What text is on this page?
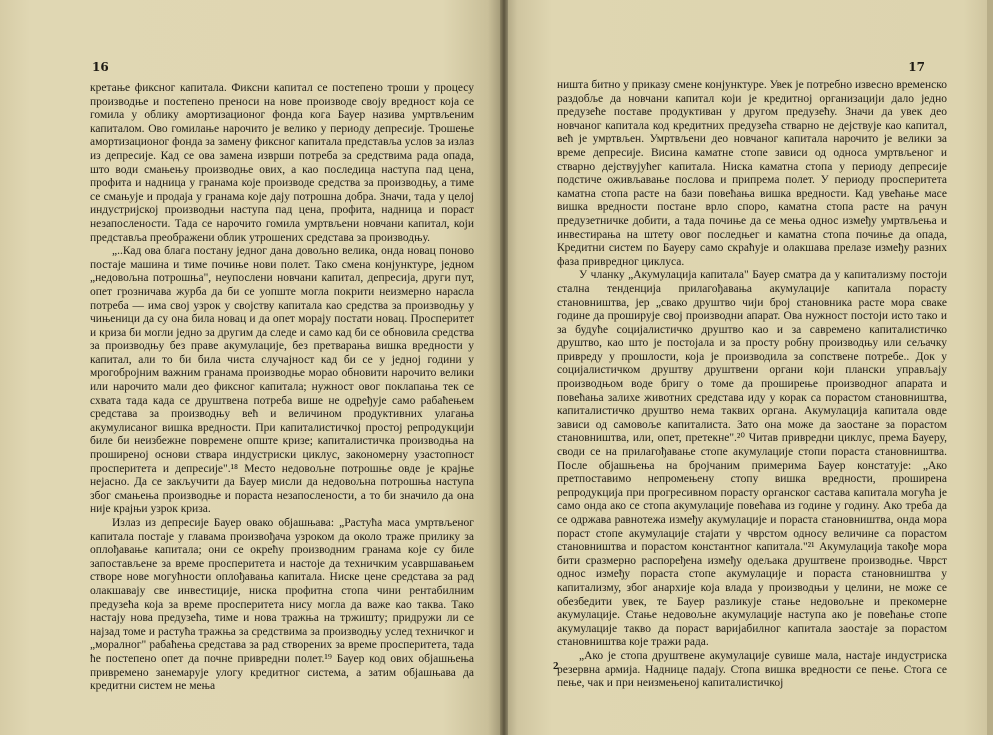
16

кретање фиксног капитала. Фиксни капитал се постепено троши у процесу производње и постепено преноси на нове производе своју вредност која се гомила у облику амортизационог фонда кога Бауер назива умртвљеним капиталом. Ово гомилање нарочито је велико у периоду депресије. Трошење амортизационог фонда за замену фиксног капитала представља услов за излаз из депресије. Кад се ова замена изврши потреба за средствима рада опада, што води смањењу производње ових, а као последица наступа пад цена, профита и надница у гранама које производе средства за производњу, а тиме се смањује и продаја у гранама које дају потрошна добра. Значи, тада у целој индустријској производњи наступа пад цена, профита, надница и пораст незапослености. Тада се нарочито гомила умртвљени новчани капитал, који представља преображени облик утрошених средстава за производњу.

„..Кад ова блага постану једног дана довољно велика, онда новац поново постаје машина и тиме почиње нови полет. Тако смена конјунктуре, једном „недовољна потрошња", неупослени новчани капитал, депресија, други пут, опет грозничава журба да би се уопште могла покрити неизмерно нарасла потреба — има свој узрок у својству капитала као средства за производњу у чињеници да су она била новац и да опет морају постати новац. Просперитет и криза би могли једно за другим да следе и само кад би се обновила средства за производњу без праве акумулације, без претварања вишка вредности у капитал, али то би била чиста случајност кад би се у једној години у мрогобројним важним гранама производње морао обновити нарочито велики или нарочито мали део фиксног капитала; нужност овог поклапања тек се схвата тада када се друштвена потреба више не одређује само рабаћењем средстава за производњу већ и величином продуктивних улагања акумулисаног вишка вредности. При капиталистичкој простој репродукцији биле би неизбежне повремене опште кризе; капиталистичка производња на проширеној основи ствара индустриски циклус, закономерну узастопност просперитета и депресије".¹⁸ Место недовољне потрошње овде је крајње нејасно. Да се закључити да Бауер мисли да недовољна потрошња наступа због смањења производње и пораста незапослености, а то би значило да она није крајњи узрок криза.

Излаз из депресије Бауер овако објашњава: „Растућа маса умртвљеног капитала постаје у главама произвођача узроком да около траже прилику за оплођавање капитала; они се окрећу производним гранама које су биле запостављене за време просперитета и настоје да техничким усавршавањем створе нове могућности оплођавања капитала. Ниске цене средстава за рад олакшавају све инвестиције, ниска профитна стопа чини рентабилним предузећа која за време просперитета нису могла да важе као таква. Тако настају нова предузећа, тиме и нова тражња на тржишту; придружи ли се најзад томе и растућа тражња за средствима за производњу услед техничког и „моралног" рабаћења средстава за рад створених за време просперитета, тада ће постепено опет да почне привредни полет.¹⁹ Бауер код ових објашњења привремено занемарује улогу кредитног система, а затим објашњава да кредитни систем не мења

17

ништа битно у приказу смене конјунктуре. Увек је потребно извесно временско раздобље да новчани капитал који је кредитној организацији дало једно предузеће поставе продуктиван у другом предузећу. Значи да увек део новчаног капитала код кредитних предузећа стварно не дејствује као капитал, већ је умртвљен. Умртвљени део новчаног капитала нарочито је велики за време депресије. Висина каматне стопе зависи од односа умртвљеног и стварно дејствујућег капитала. Ниска каматна стопа у периоду депресије подстиче оживљавање послова и припрема полет. У периоду просперитета каматна стопа расте на бази повећања вишка вредности. Кад увећање масе вишка вредности постане врло споро, каматна стопа расте на рачун предузетничке добити, а тада почиње да се мења однос између умртвљења и инвестирања на штету овог последњег и каматна стопа почиње да опада, Кредитни систем по Бауеру само скраћује и олакшава прелазе између разних фаза привредног циклуса.

У чланку „Акумулација капитала" Бауер сматра да у капитализму постоји стална тенденција прилагођавања акумулације капитала порасту становништва, јер „свако друштво чији број становника расте мора сваке године да проширује свој производни апарат. Ова нужност постоји исто тако и за будуће социјалистичко друштво као и за савремено капиталистичко друштво, као што је постојала и за просту робну производњу или сељачку привреду у прошлости, која је производила за сопствене потребе.. Док у социјалистичком друштву друштвени органи који плански управљају производњом воде бригу о томе да проширење производног апарата и повећања залихе животних средстава иду у корак са порастом становништва, капиталистичко друштво нема таквих органа. Акумулација капитала овде зависи од самовоље капиталиста. Зато она може да заостане за порастом становништва, или, опет, претекне".²⁰ Читав привредни циклус, према Бауеру, своди се на прилагођавање стопе акумулације стопи пораста становништва. После објашњења на бројчаним примерима Бауер констатује: „Ако претпоставимо непромењену стопу вишка вредности, проширена репродукција при прогресивном порасту органског састава капитала могућа је само онда ако се стопа акумулације повећава из године у годину. Ако треба да се одржава равнотежа између акумулације и пораста становништва, онда мора пораст стопе акумулације стајати у чврстом односу величине са порастом становништва и порастом константног капитала."²¹ Акумулација такође мора бити сразмерно распоређена између одељака друштвене производње. Чврст однос између пораста стопе акумулације и пораста становништва у капитализму, због анархије која влада у производњи у целини, не може се обезбедити увек, те Бауер разликује стање недовољне и прекомерне акумулације. Стање недовољне акумулације наступа ако је повећање стопе акумулације такво да пораст варијабилног капитала заостаје за порастом становништва које тражи рада.

„Ако је стопа друштвене акумулације сувише мала, настаје индустриска резервна армија. Наднице падају. Стопа вишка вредности се пење. Стога се пење, чак и при неизмењеној капиталистичкој

2
